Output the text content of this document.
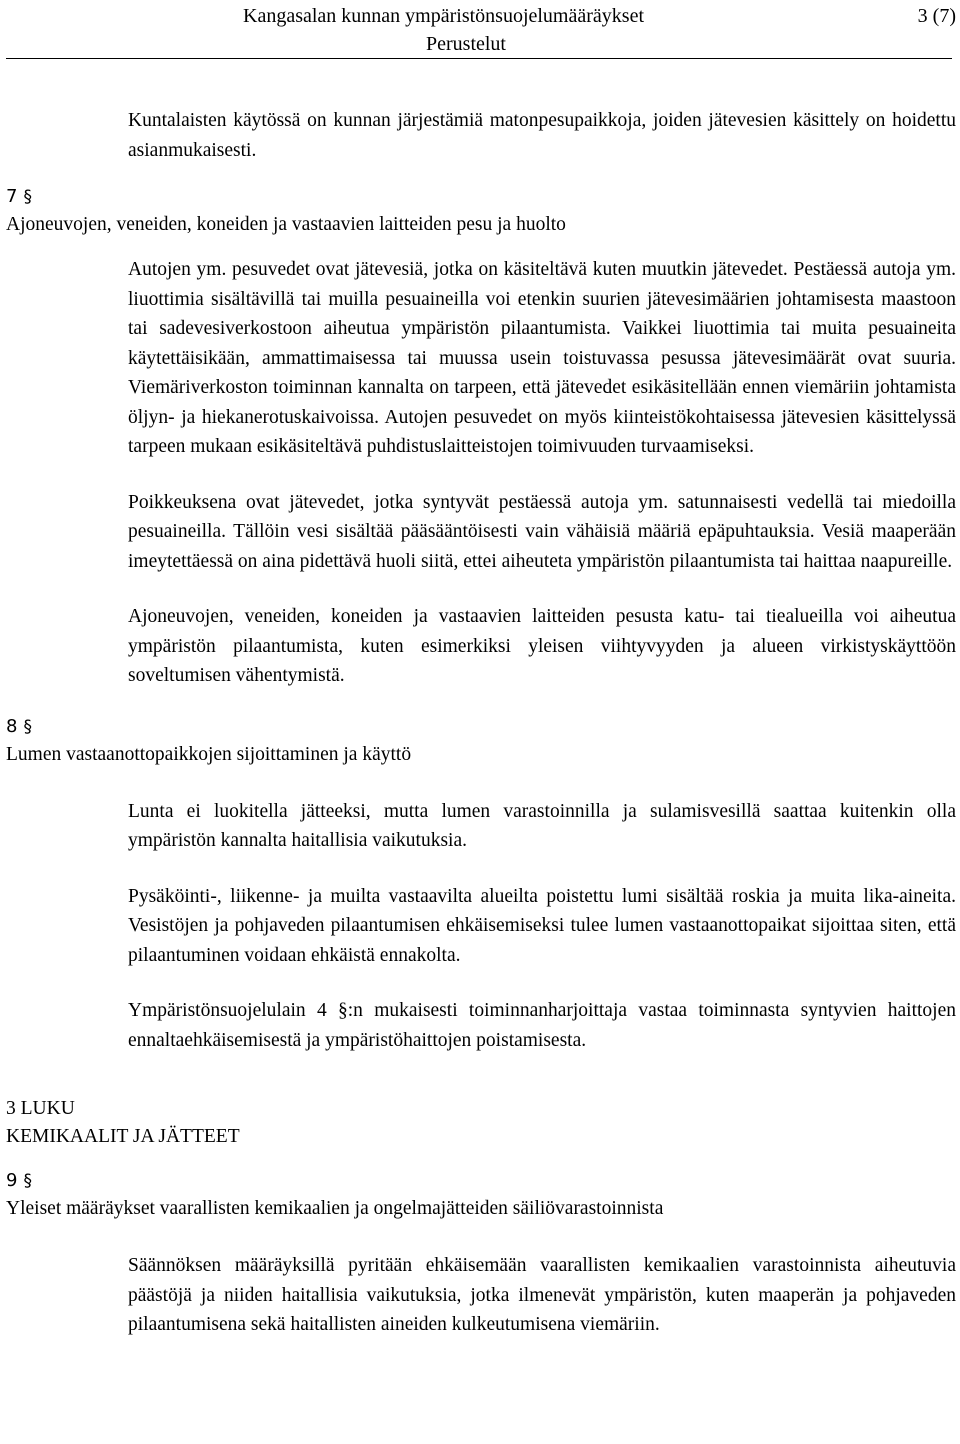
Kangasalan kunnan ympäristönsuojelumääräykset	3 (7)
Perustelut
Kuntalaisten käytössä on kunnan järjestämiä matonpesupaikkoja, joiden jätevesien käsittely on hoidettu asianmukaisesti.
7 §
Ajoneuvojen, veneiden, koneiden ja vastaavien laitteiden pesu ja huolto
Autojen ym. pesuvedet ovat jätevesiä, jotka on käsiteltävä kuten muutkin jätevedet. Pestäessä autoja ym. liuottimia sisältävillä tai muilla pesuaineilla voi etenkin suurien jätevesimäärien johtamisesta maastoon tai sadevesiverkostoon aiheutua ympäristön pilaantumista. Vaikkei liuottimia tai muita pesuaineita käytettäisikään, ammattimaisessa tai muussa usein toistuvassa pesussa jätevesimäärät ovat suuria. Viemäriverkoston toiminnan kannalta on tarpeen, että jätevedet esikäsitellään ennen viemäriin johtamista öljyn- ja hiekanerotuskaivoissa. Autojen pesuvedet on myös kiinteistökohtaisessa jätevesien käsittelyssä tarpeen mukaan esikäsiteltävä puhdistuslaitteistojen toimivuuden turvaamiseksi.
Poikkeuksena ovat jätevedet, jotka syntyvät pestäessä autoja ym. satunnaisesti vedellä tai miedoilla pesuaineilla. Tällöin vesi sisältää pääsääntöisesti vain vähäisiä määriä epäpuhtauksia. Vesiä maaperään imeytettäessä on aina pidettävä huoli siitä, ettei aiheuteta ympäristön pilaantumista tai haittaa naapureille.
Ajoneuvojen, veneiden, koneiden ja vastaavien laitteiden pesusta katu- tai tiealueilla voi aiheutua ympäristön pilaantumista, kuten esimerkiksi yleisen viihtyvyyden ja alueen virkistyskäyttöön soveltumisen vähentymistä.
8 §
Lumen vastaanottopaikkojen sijoittaminen ja käyttö
Lunta ei luokitella jätteeksi, mutta lumen varastoinnilla ja sulamisvesillä saattaa kuitenkin olla ympäristön kannalta haitallisia vaikutuksia.
Pysäköinti-, liikenne- ja muilta vastaavilta alueilta poistettu lumi sisältää roskia ja muita lika-aineita. Vesistöjen ja pohjaveden pilaantumisen ehkäisemiseksi tulee lumen vastaanottopaikat sijoittaa siten, että pilaantuminen voidaan ehkäistä ennakolta.
Ympäristönsuojelulain 4 §:n mukaisesti toiminnanharjoittaja vastaa toiminnasta syntyvien haittojen ennaltaehkäisemisestä ja ympäristöhaittojen poistamisesta.
3 LUKU
KEMIKAALIT JA JÄTTEET
9 §
Yleiset määräykset vaarallisten kemikaalien ja ongelmajätteiden säiliövarastoinnista
Säännöksen määräyksillä pyritään ehkäisemään vaarallisten kemikaalien varastoinnista aiheutuvia päästöjä ja niiden haitallisia vaikutuksia, jotka ilmenevät ympäristön, kuten maaperän ja pohjaveden pilaantumisena sekä haitallisten aineiden kulkeutumisena viemäriin.
